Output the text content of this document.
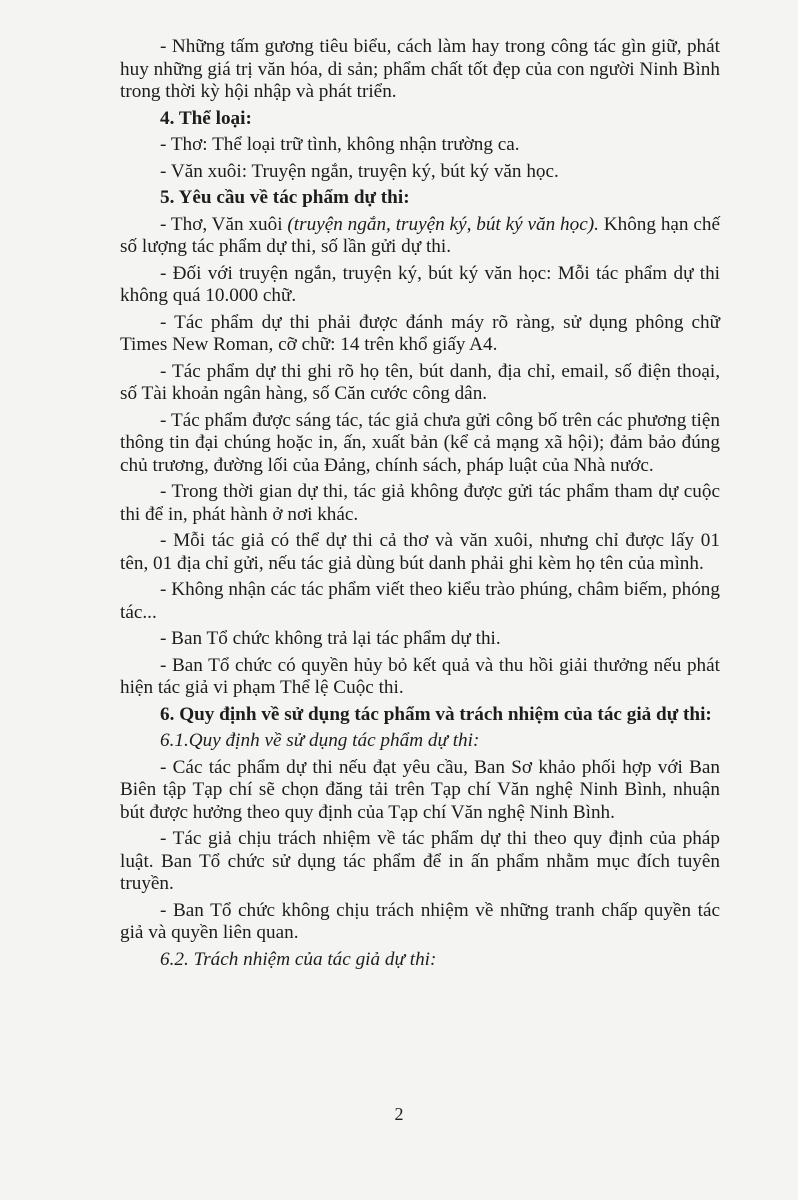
- Những tấm gương tiêu biểu, cách làm hay trong công tác gìn giữ, phát huy những giá trị văn hóa, di sản; phẩm chất tốt đẹp của con người Ninh Bình trong thời kỳ hội nhập và phát triển.

4. Thể loại:

- Thơ: Thể loại trữ tình, không nhận trường ca.

- Văn xuôi: Truyện ngắn, truyện ký, bút ký văn học.

5. Yêu cầu về tác phẩm dự thi:

- Thơ, Văn xuôi (truyện ngắn, truyện ký, bút ký văn học). Không hạn chế số lượng tác phẩm dự thi, số lần gửi dự thi.

- Đối với truyện ngắn, truyện ký, bút ký văn học: Mỗi tác phẩm dự thi không quá 10.000 chữ.

- Tác phẩm dự thi phải được đánh máy rõ ràng, sử dụng phông chữ Times New Roman, cỡ chữ: 14 trên khổ giấy A4.

- Tác phẩm dự thi ghi rõ họ tên, bút danh, địa chỉ, email, số điện thoại, số Tài khoản ngân hàng, số Căn cước công dân.

- Tác phẩm được sáng tác, tác giả chưa gửi công bố trên các phương tiện thông tin đại chúng hoặc in, ấn, xuất bản (kể cả mạng xã hội); đảm bảo đúng chủ trương, đường lối của Đảng, chính sách, pháp luật của Nhà nước.

- Trong thời gian dự thi, tác giả không được gửi tác phẩm tham dự cuộc thi để in, phát hành ở nơi khác.

- Mỗi tác giả có thể dự thi cả thơ và văn xuôi, nhưng chỉ được lấy 01 tên, 01 địa chỉ gửi, nếu tác giả dùng bút danh phải ghi kèm họ tên của mình.

- Không nhận các tác phẩm viết theo kiểu trào phúng, châm biếm, phóng tác...

- Ban Tổ chức không trả lại tác phẩm dự thi.

- Ban Tổ chức có quyền hủy bỏ kết quả và thu hồi giải thưởng nếu phát hiện tác giả vi phạm Thể lệ Cuộc thi.

6. Quy định về sử dụng tác phẩm và trách nhiệm của tác giả dự thi:

6.1.Quy định về sử dụng tác phẩm dự thi:

- Các tác phẩm dự thi nếu đạt yêu cầu, Ban Sơ khảo phối hợp với Ban Biên tập Tạp chí sẽ chọn đăng tải trên Tạp chí Văn nghệ Ninh Bình, nhuận bút được hưởng theo quy định của Tạp chí Văn nghệ Ninh Bình.

- Tác giả chịu trách nhiệm về tác phẩm dự thi theo quy định của pháp luật. Ban Tổ chức sử dụng tác phẩm để in ấn phẩm nhằm mục đích tuyên truyền.

- Ban Tổ chức không chịu trách nhiệm về những tranh chấp quyền tác giả và quyền liên quan.

6.2. Trách nhiệm của tác giả dự thi:

2
